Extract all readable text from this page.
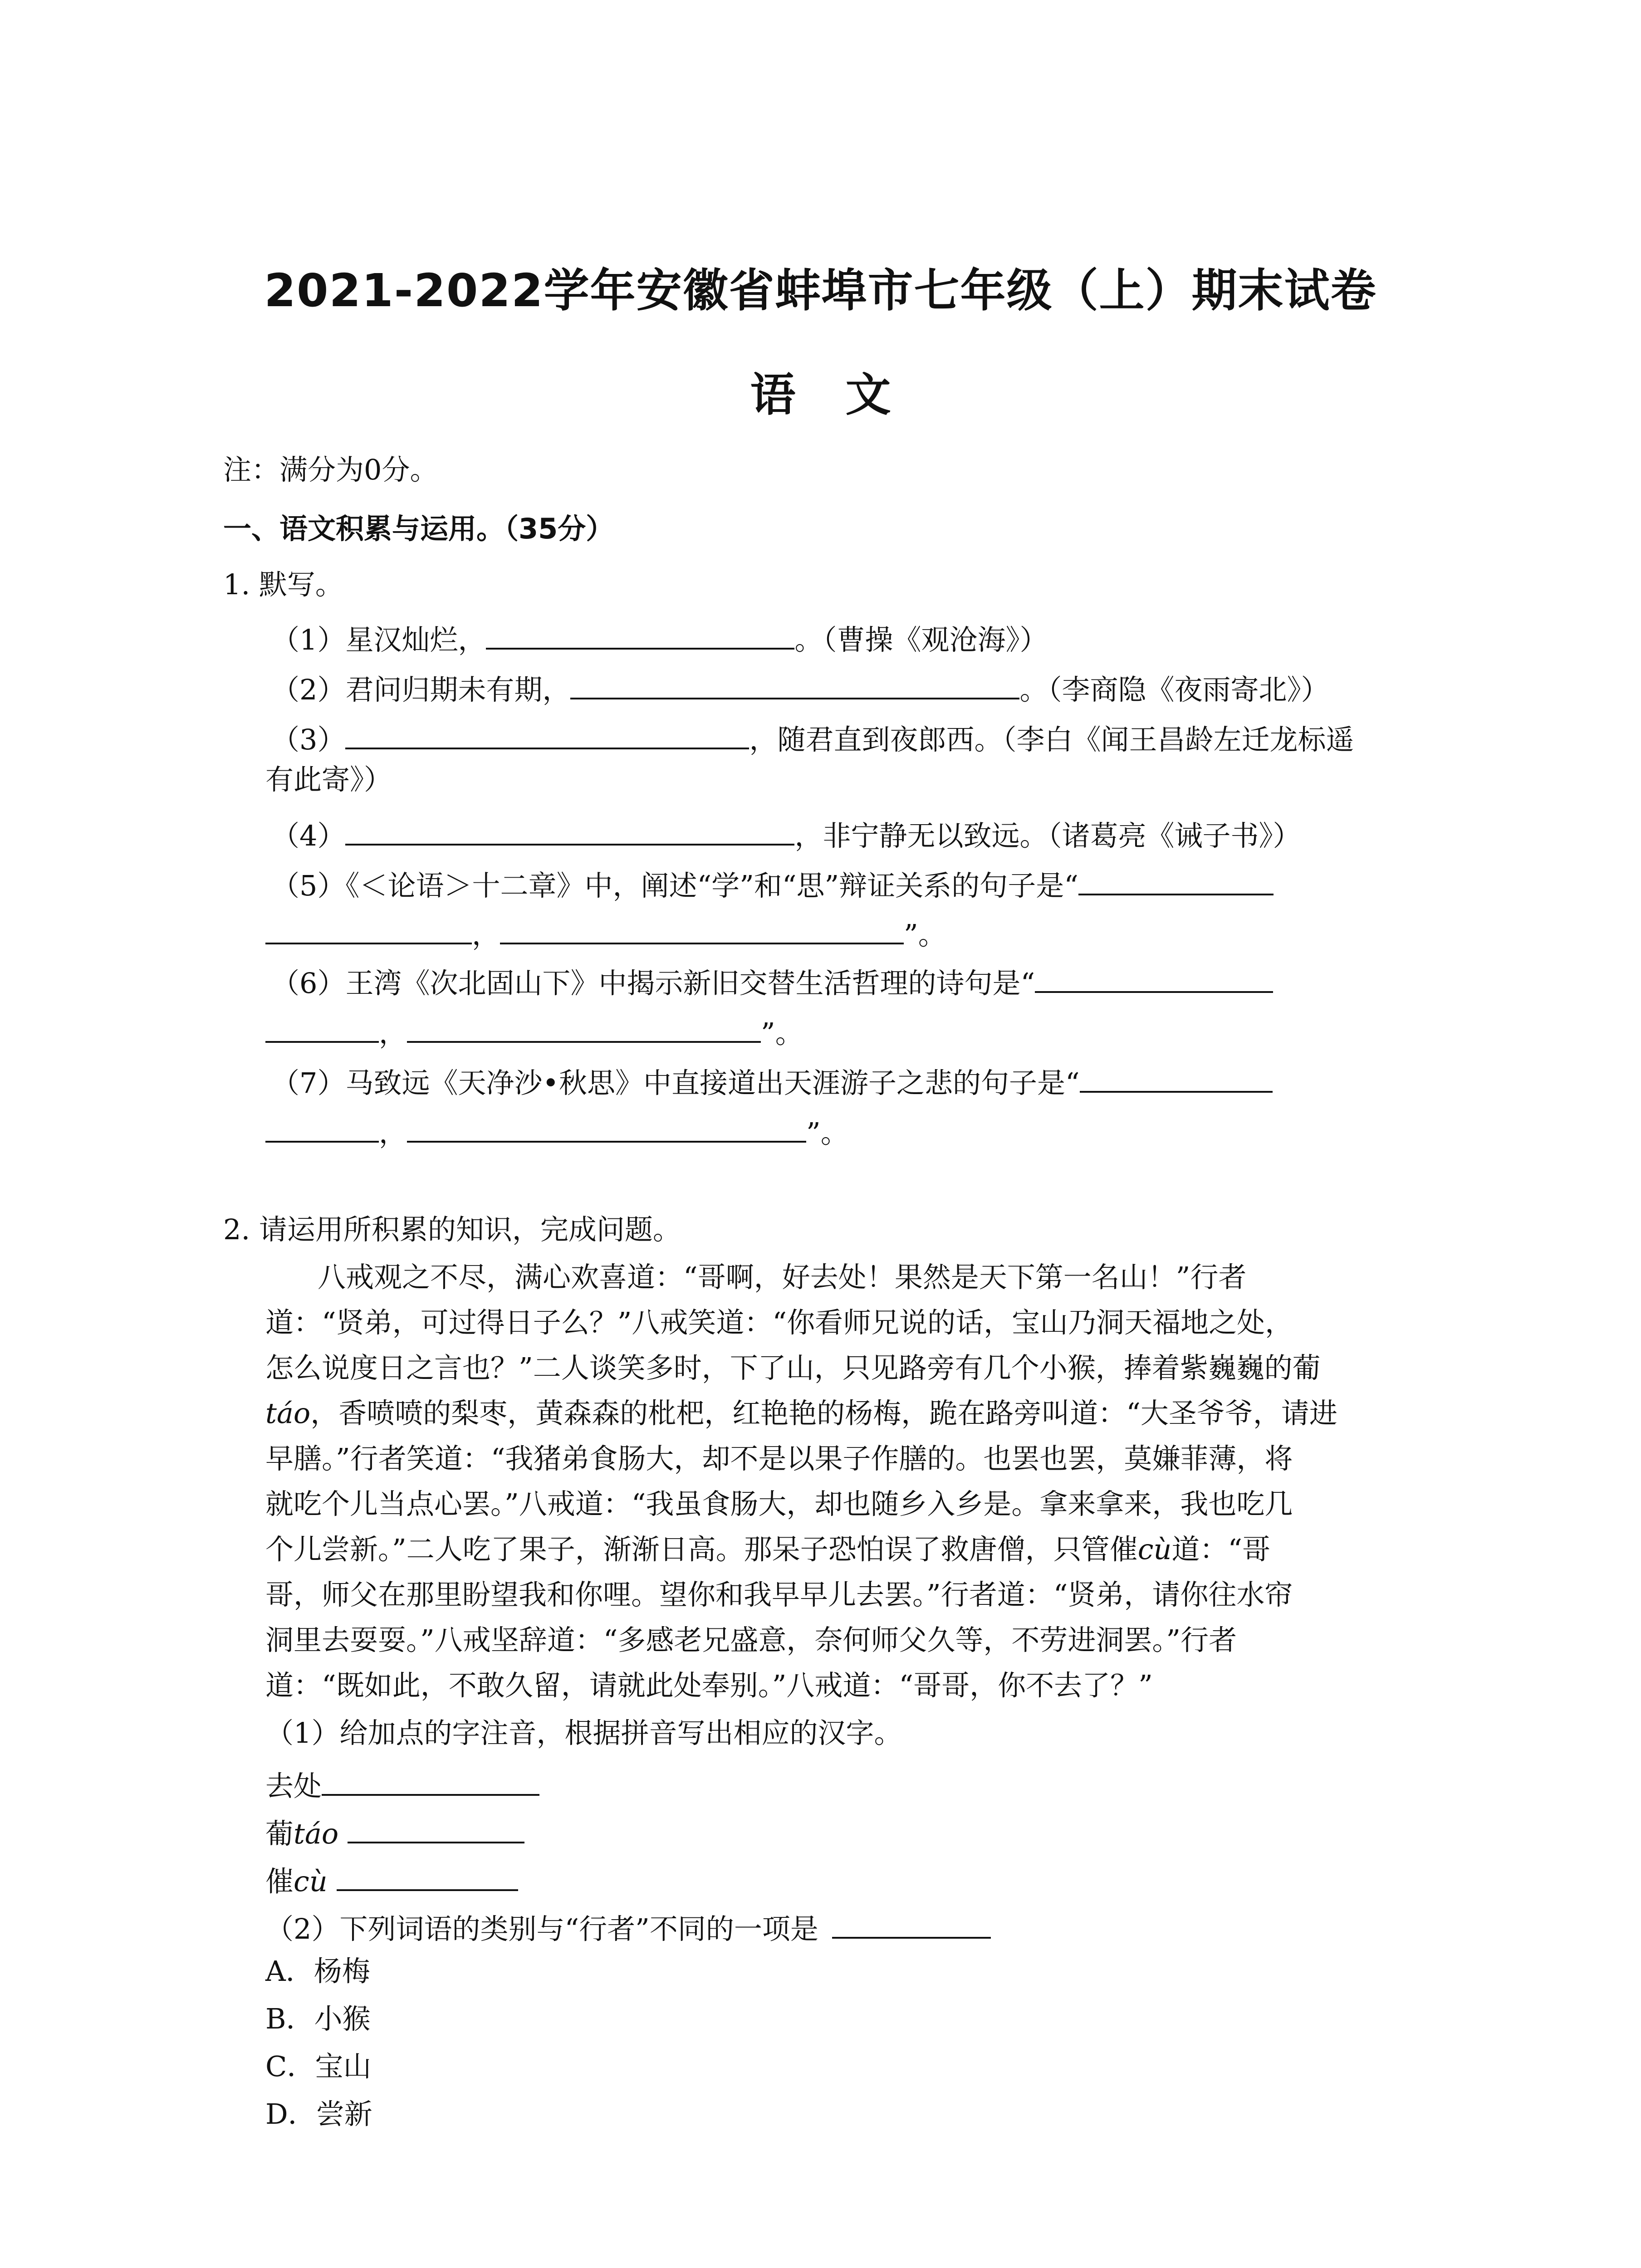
2021-2022学年安徽省蚌埠市七年级（上）期末试卷
语文
注：满分为0分。
一、语文积累与运用。（35分）
1. 默写。
（1）星汉灿烂，	。（曹操《观沧海》）
（2）君问归期未有期，	。（李商隐《夜雨寄北》）
（3）	，随君直到夜郎西。（李白《闻王昌龄左迁龙标遥
有此寄》）
（4）	，非宁静无以致远。（诸葛亮《诫子书》）
（5）《＜论语＞十二章》中，阐述“学”和“思”辩证关系的句子是“
，	”。
（6）王湾《次北固山下》中揭示新旧交替生活哲理的诗句是“
，	”。
（7）马致远《天净沙•秋思》中直接道出天涯游子之悲的句子是“
，	”。
2. 请运用所积累的知识，完成问题。
八戒观之不尽，满心欢喜道：“哥啊，好去处！果然是天下第一名山！”行者
道：“贤弟，可过得日子么？”八戒笑道：“你看师兄说的话，宝山乃洞天福地之处，
怎么说度日之言也？”二人谈笑多时，下了山，只见路旁有几个小猴，捧着紫巍巍的葡
táo，香喷喷的梨枣，黄森森的枇杷，红艳艳的杨梅，跪在路旁叫道：“大圣爷爷，请进
早膳。”行者笑道：“我猪弟食肠大，却不是以果子作膳的。也罢也罢，莫嫌菲薄，将
就吃个儿当点心罢。”八戒道：“我虽食肠大，却也随乡入乡是。拿来拿来，我也吃几
个儿尝新。”二人吃了果子，渐渐日高。那呆子恐怕误了救唐僧，只管催cù道：“哥
哥，师父在那里盼望我和你哩。望你和我早早儿去罢。”行者道：“贤弟，请你往水帘
洞里去耍耍。”八戒坚辞道：“多感老兄盛意，奈何师父久等，不劳进洞罢。”行者
道：“既如此，不敢久留，请就此处奉别。”八戒道：“哥哥，你不去了？”
（1）给加点的字注音，根据拼音写出相应的汉字。
去处
葡táo
催cù
（2）下列词语的类别与“行者”不同的一项是
A．杨梅
B．小猴
C．宝山
D．尝新
